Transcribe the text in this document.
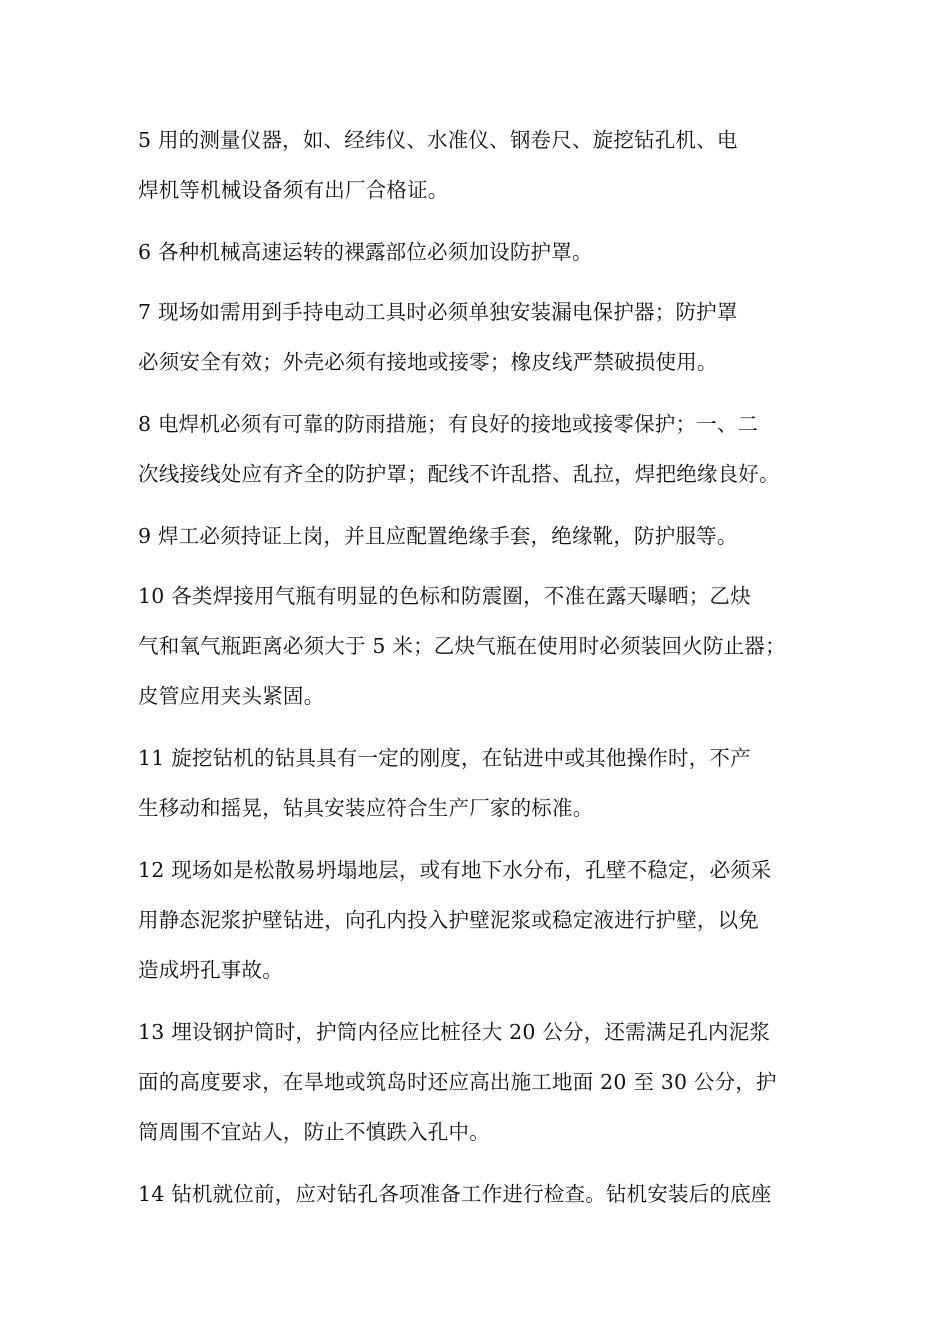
5 用的测量仪器，如、经纬仪、水准仪、钢卷尺、旋挖钻孔机、电
焊机等机械设备须有出厂合格证。
6 各种机械高速运转的裸露部位必须加设防护罩。
7 现场如需用到手持电动工具时必须单独安装漏电保护器；防护罩
必须安全有效；外壳必须有接地或接零；橡皮线严禁破损使用。
8 电焊机必须有可靠的防雨措施；有良好的接地或接零保护；一、二
次线接线处应有齐全的防护罩；配线不许乱搭、乱拉，焊把绝缘良好。
9 焊工必须持证上岗，并且应配置绝缘手套，绝缘靴，防护服等。
10 各类焊接用气瓶有明显的色标和防震圈，不准在露天曝晒；乙炔
气和氧气瓶距离必须大于 5 米；乙炔气瓶在使用时必须装回火防止器；
皮管应用夹头紧固。
11 旋挖钻机的钻具具有一定的刚度，在钻进中或其他操作时，不产
生移动和摇晃，钻具安装应符合生产厂家的标准。
12 现场如是松散易坍塌地层，或有地下水分布，孔壁不稳定，必须采
用静态泥浆护壁钻进，向孔内投入护壁泥浆或稳定液进行护壁，以免
造成坍孔事故。
13 埋设钢护筒时，护筒内径应比桩径大 20 公分，还需满足孔内泥浆
面的高度要求，在旱地或筑岛时还应高出施工地面 20 至 30 公分，护
筒周围不宜站人，防止不慎跌入孔中。
14 钻机就位前，应对钻孔各项准备工作进行检查。钻机安装后的底座
